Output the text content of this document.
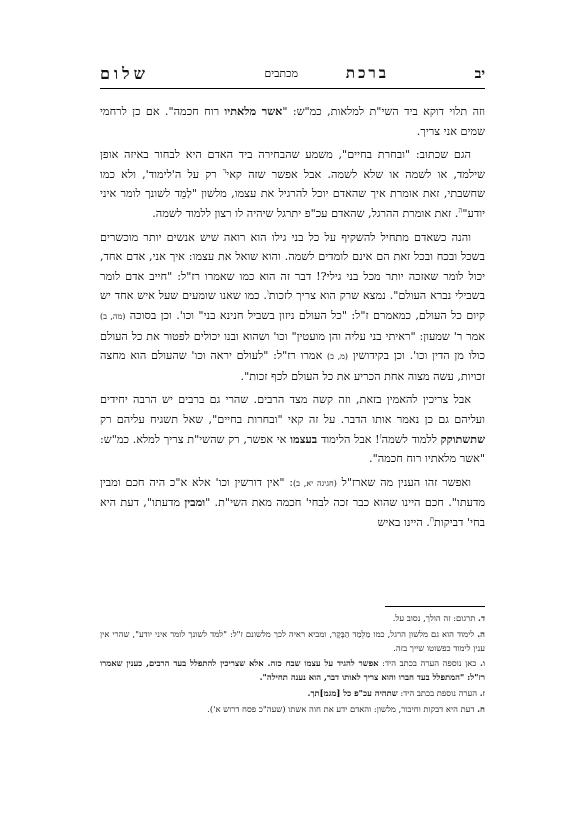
יב
ברכת
מכתבים
שלום

וזה תלוי דוקא ביד השי"ת למלאות, כמ"ש: "אשר מלאתיו רוח חכמה". אם כן לרחמי שמים אני צריך.

הגם שכתוב: "ובחרת בחיים", משמע שהבחירה ביד האדם היא לבחור באיזה אופן שילמד, או לשמה או שלא לשמה. אבל אפשר שזה קאי$^ד$ רק על ה'לימוד', ולא כמו שחשבתי, זאת אומרת איך שהאדם יוכל להרגיל את עצמו, מלשון "לַמֵד לשונך לומר איני יודע"$^ה$. זאת אומרת ההרגל, שהאדם עכ"פ יתרגל שיהיה לו רצון ללמוד לשמה.

והנה כשאדם מתחיל להשקיף על כל בני גילו הוא רואה שיש אנשים יותר מוכשרים בשכל ובכח ובכל זאת הם אינם לומדים לשמה. והוא שואל את עצמו: איך אני, אדם אחד, יכול לומר שאזכה יותר מכל בני גילי?! דבר זה הוא כמו שאמרו רז"ל: "חייב אדם לומר בשבילי נברא העולם". נמצא שרק הוא צריך לזכות$^ו$. כמו שאנו שומעים שעל איש אחד יש קיום כל העולם, כמאמרם ז"ל: "כל העולם ניזון בשביל חנינא בני" וכו'. וכן בסוכה (מה, ב) אמר ר' שמעון: "ראיתי בני עליה והן מועטין" וכו' ושהוא ובנו יכולים לפטור את כל העולם כולו מן הדין וכו'. וכן בקידושין (מ, ב) אמרו רז"ל: "לעולם יראה וכו' שהעולם הוא מחצה זכויות, עשה מצוה אחת הכריע את כל העולם לכף זכות".

אבל צריכין להאמין בזאת, וזה קשה מצד הרבים. שהרי גם ברבים יש הרבה יחידים ועליהם גם כן נאמר אותו הדבר. על זה קאי "ובחרות בחיים", שאל תשגיח עליהם רק שתשתוקק ללמוד לשמה$^ז$! אבל הלימוד בעצמו אי אפשר, רק שהשי"ת צריך למלא. כמ"ש: "אשר מלאתיו רוח חכמה".

ואפשר זהו הענין מה שארז"ל (חגיגה יא, ב): "אין דורשין וכו' אלא א"כ היה חכם ומבין מדעתו". חכם היינו שהוא כבר זכה לבחי' חכמה מאת השי"ת. "ומבין מדעתו", דעת היא בחי' דביקות$^ח$. היינו באיש

ד. תרגום: זה הולך, נסוב על.

ה. לימוד הוא גם מלשון הרגל, כמו מַלְמַד הַבָּקָר, ומביא ראיה לכך מלשונם ז"ל: "למד לשונך לומר איני יודע", שהרי אין ענין לימוד כפשוטו שייך בזה.

ו. כאן נוספה הערה בכתב היד: אפשר להגיד על עצמו שבח כזה. אלא שצריכין להתפלל בעד הרבים, כענין שאמרו רז"ל: "המתפלל בעד חברו והוא צריך לאותו דבר, הוא נענה תחילה".

ז. הערה נוספת בכתב היד: שתהיה עכ"פ כל [מגמ]תך.

ח. דעת היא דבקות וחיבור, מלשון: והאדם ידע את חוה אשתו (שעה"כ פסח דרוש א').
